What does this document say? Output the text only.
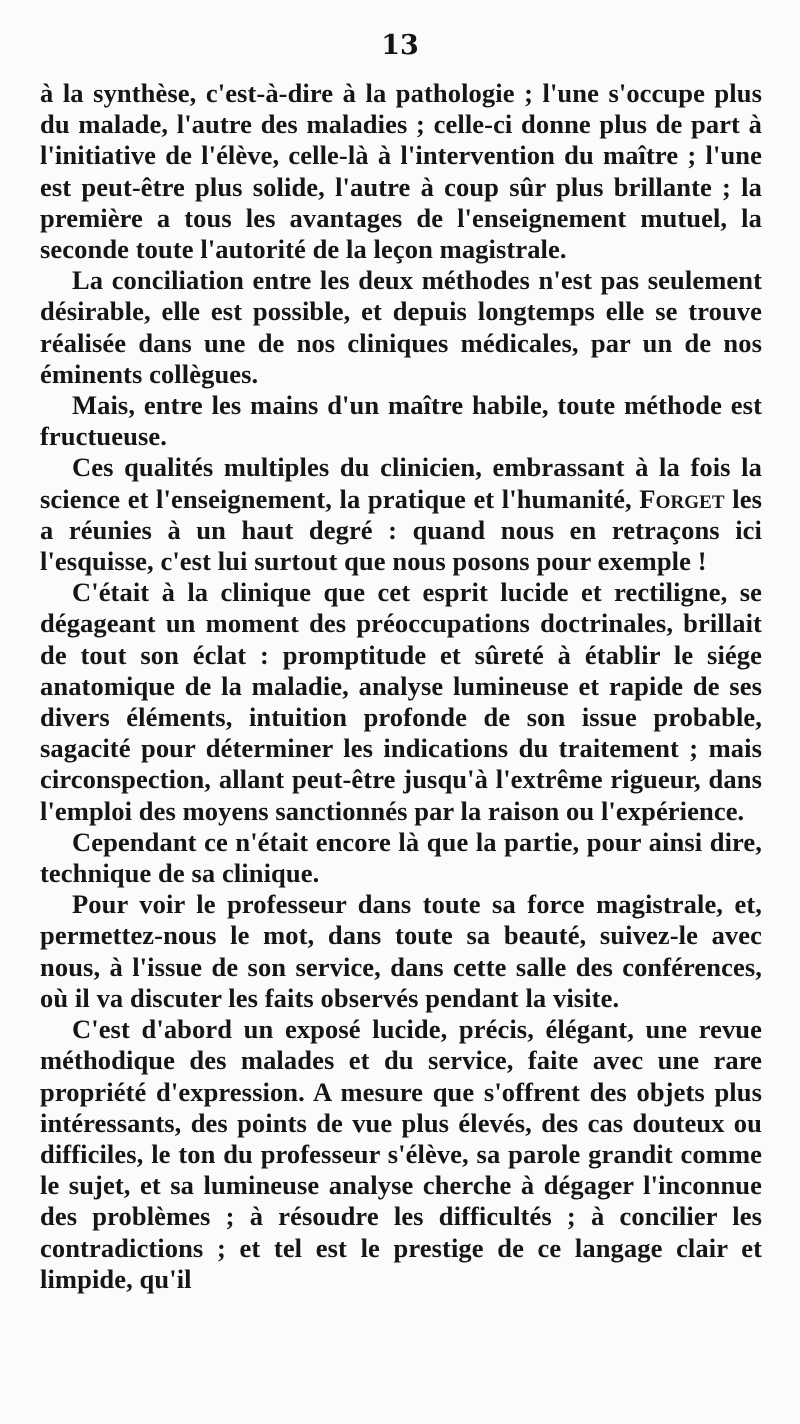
13

à la synthèse, c'est-à-dire à la pathologie ; l'une s'occupe plus du malade, l'autre des maladies ; celle-ci donne plus de part à l'initiative de l'élève, celle-là à l'intervention du maître ; l'une est peut-être plus solide, l'autre à coup sûr plus brillante ; la première a tous les avantages de l'enseignement mutuel, la seconde toute l'autorité de la leçon magistrale.

La conciliation entre les deux méthodes n'est pas seulement désirable, elle est possible, et depuis longtemps elle se trouve réalisée dans une de nos cliniques médicales, par un de nos éminents collègues.

Mais, entre les mains d'un maître habile, toute méthode est fructueuse.

Ces qualités multiples du clinicien, embrassant à la fois la science et l'enseignement, la pratique et l'humanité, Forget les a réunies à un haut degré : quand nous en retraçons ici l'esquisse, c'est lui surtout que nous posons pour exemple !

C'était à la clinique que cet esprit lucide et rectiligne, se dégageant un moment des préoccupations doctrinales, brillait de tout son éclat : promptitude et sûreté à établir le siége anatomique de la maladie, analyse lumineuse et rapide de ses divers éléments, intuition profonde de son issue probable, sagacité pour déterminer les indications du traitement ; mais circonspection, allant peut-être jusqu'à l'extrême rigueur, dans l'emploi des moyens sanctionnés par la raison ou l'expérience.

Cependant ce n'était encore là que la partie, pour ainsi dire, technique de sa clinique.

Pour voir le professeur dans toute sa force magistrale, et, permettez-nous le mot, dans toute sa beauté, suivez-le avec nous, à l'issue de son service, dans cette salle des conférences, où il va discuter les faits observés pendant la visite.

C'est d'abord un exposé lucide, précis, élégant, une revue méthodique des malades et du service, faite avec une rare propriété d'expression. A mesure que s'offrent des objets plus intéressants, des points de vue plus élevés, des cas douteux ou difficiles, le ton du professeur s'élève, sa parole grandit comme le sujet, et sa lumineuse analyse cherche à dégager l'inconnue des problèmes ; à résoudre les difficultés ; à concilier les contradictions ; et tel est le prestige de ce langage clair et limpide, qu'il
